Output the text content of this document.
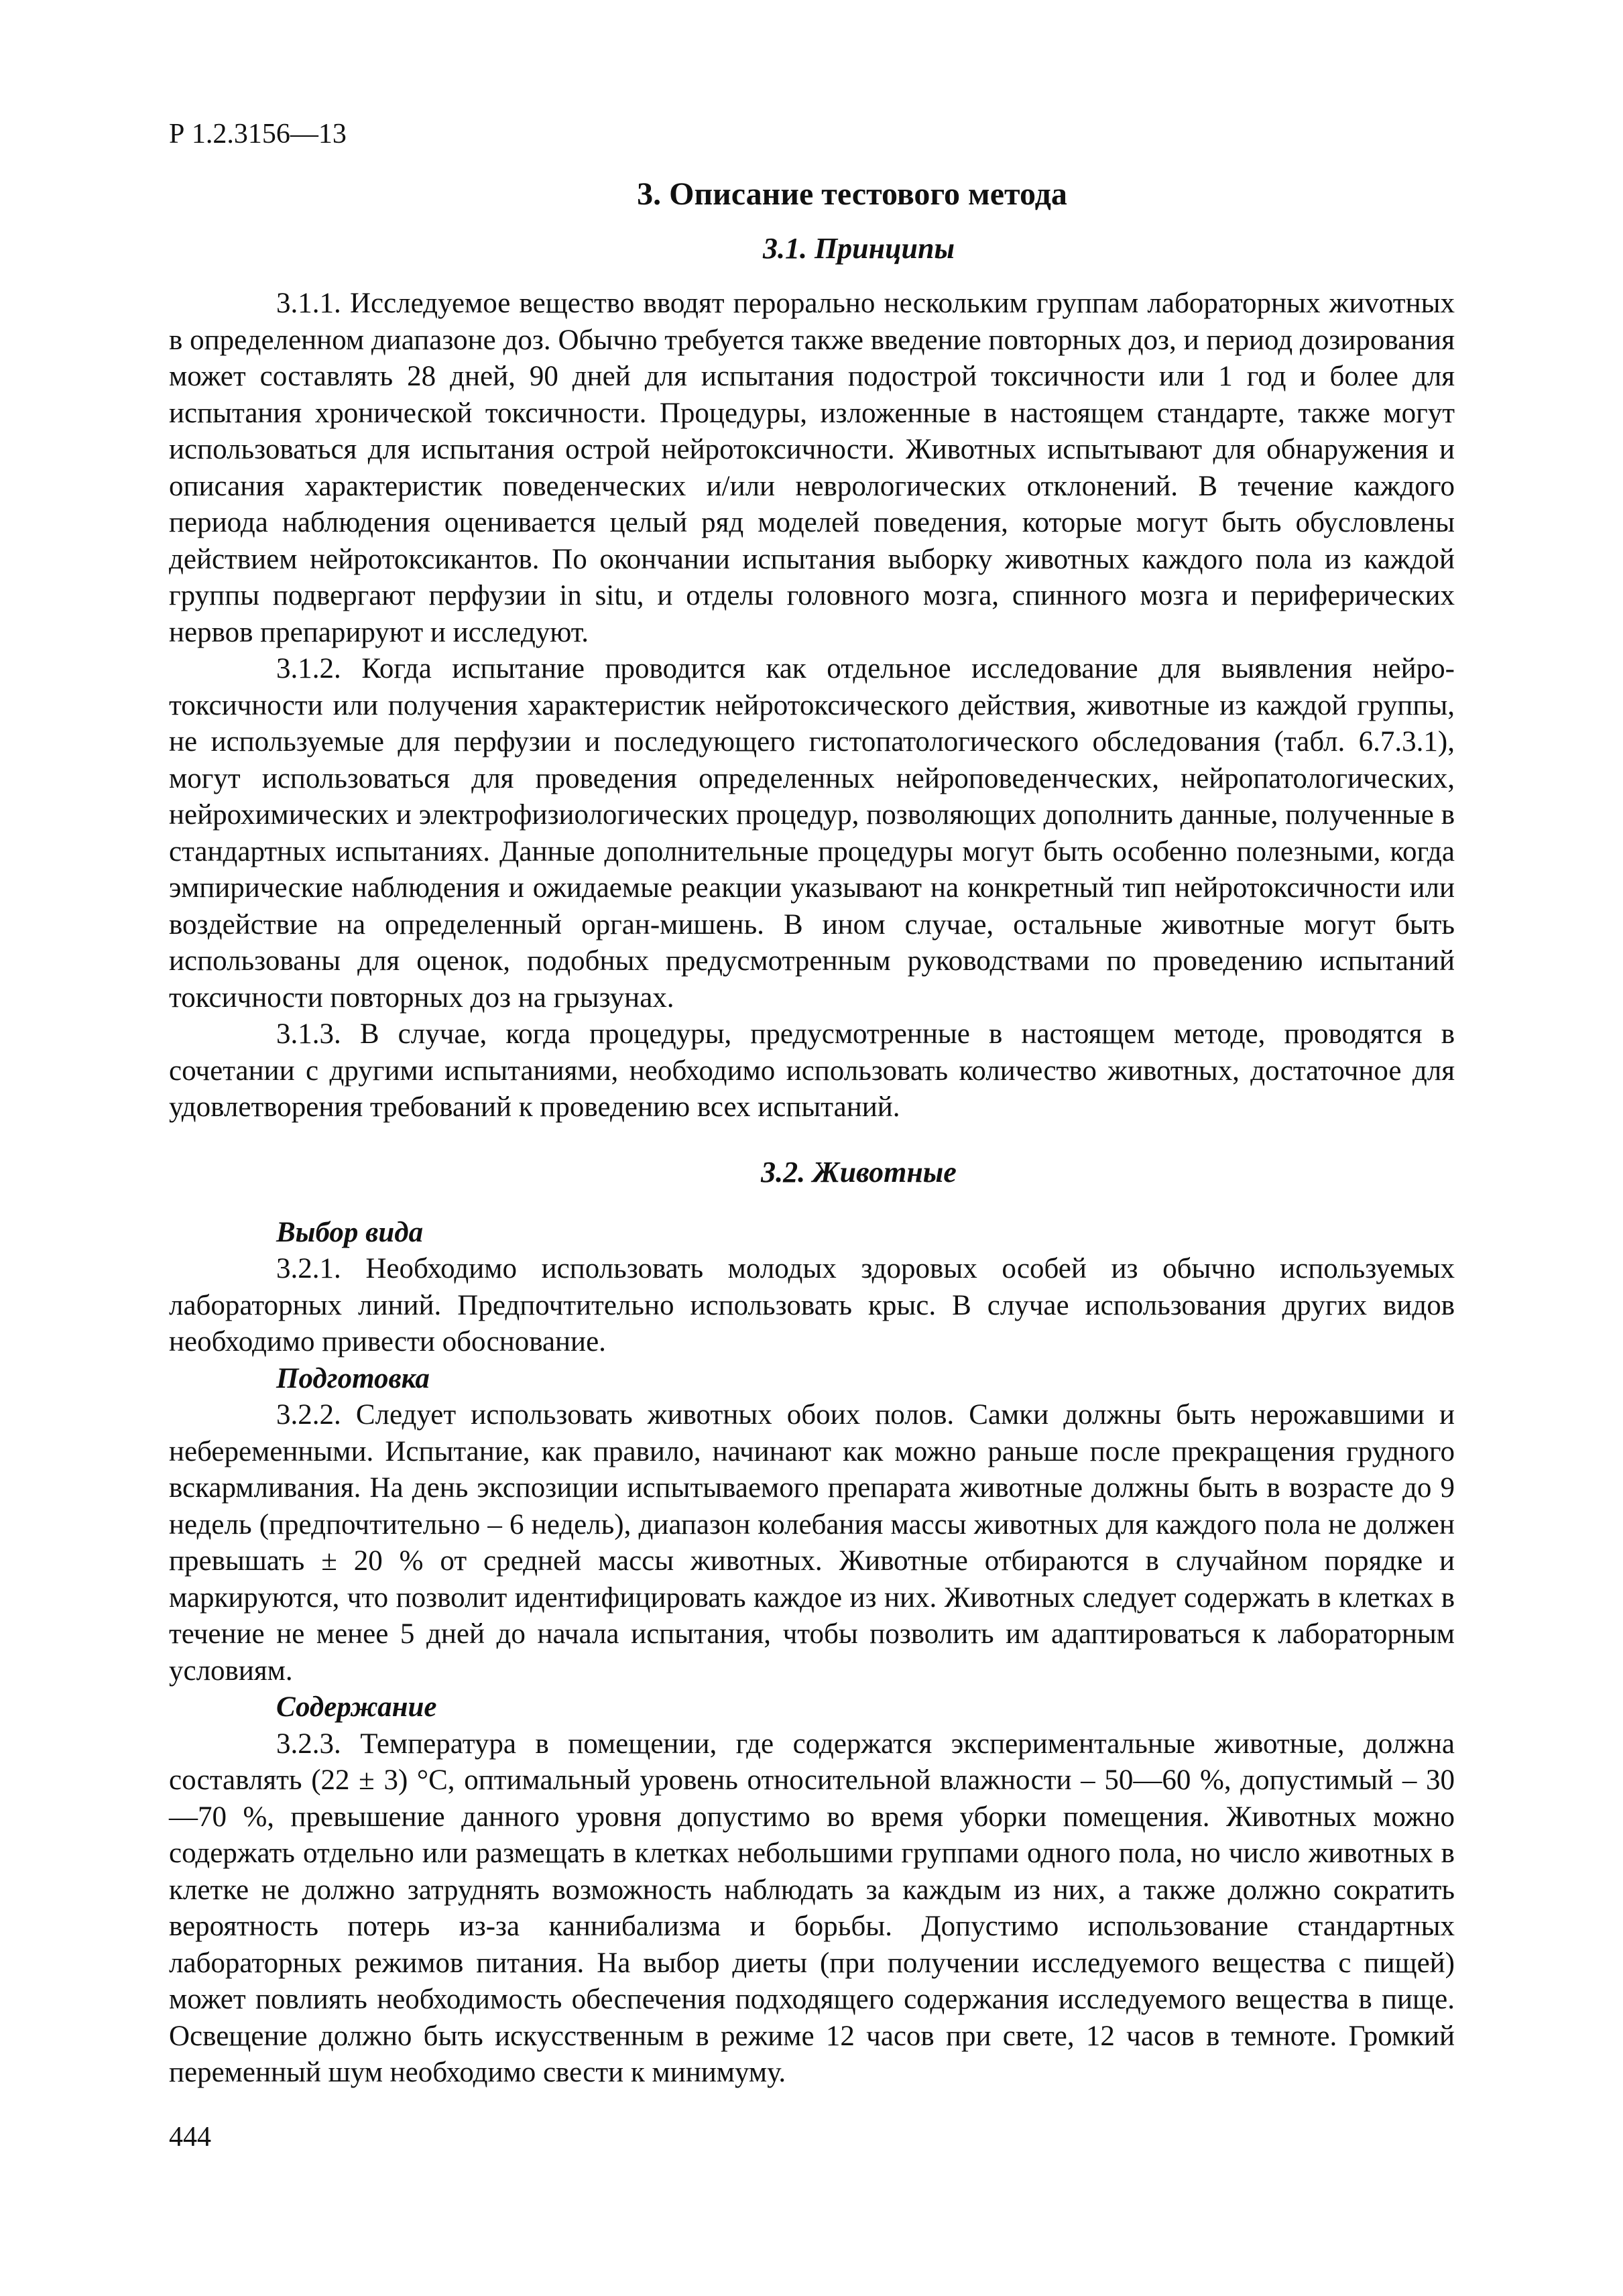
Р 1.2.3156—13

3. Описание тестового метода
3.1. Принципы

3.1.1. Исследуемое вещество вводят перорально нескольким группам лабораторных жиvотных в определенном диапазоне доз. Обычно требуется также введение повторных доз, и период дозирования может составлять 28 дней, 90 дней для испытания подострой токсичности или 1 год и более для испытания хронической токсичности. Процедуры, изложенные в настоящем стандарте, также могут использоваться для испытания острой нейротоксичности. Животных испытывают для обнаружения и описания характеристик поведенческих и/или неврологических отклонений. В течение каждого периода наблюдения оценивается целый ряд моделей поведения, которые могут быть обусловлены действием нейротоксикантов. По окончании испытания выборку животных каждого пола из каждой группы подвергают перфузии in situ, и отделы головного мозга, спинного мозга и периферических нервов препарируют и исследуют.

3.1.2. Когда испытание проводится как отдельное исследование для выявления нейротоксичности или получения характеристик нейротоксического действия, животные из каждой группы, не используемые для перфузии и последующего гистопатологического обследования (табл. 6.7.3.1), могут использоваться для проведения определенных нейроповеденческих, нейропатологических, нейрохимических и электрофизиологических процедур, позволяющих дополнить данные, полученные в стандартных испытаниях. Данные дополнительные процедуры могут быть особенно полезными, когда эмпирические наблюдения и ожидаемые реакции указывают на конкретный тип нейротоксичности или воздействие на определенный орган-мишень. В ином случае, остальные животные могут быть использованы для оценок, подобных предусмотренным руководствами по проведению испытаний токсичности повторных доз на грызунах.

3.1.3. В случае, когда процедуры, предусмотренные в настоящем методе, проводятся в сочетании с другими испытаниями, необходимо использовать количество животных, достаточное для удовлетворения требований к проведению всех испытаний.

3.2. Животные

Выбор вида

3.2.1. Необходимо использовать молодых здоровых особей из обычно используемых лабораторных линий. Предпочтительно использовать крыс. В случае использования других видов необходимо привести обоснование.

Подготовка

3.2.2. Следует использовать животных обоих полов. Самки должны быть нерожавшими и небеременными. Испытание, как правило, начинают как можно раньше после прекращения грудного вскармливания. На день экспозиции испытываемого препарата животные должны быть в возрасте до 9 недель (предпочтительно – 6 недель), диапазон колебания массы животных для каждого пола не должен превышать ± 20 % от средней массы животных. Животные отбираются в случайном порядке и маркируются, что позволит идентифицировать каждое из них. Животных следует содержать в клетках в течение не менее 5 дней до начала испытания, чтобы позволить им адаптироваться к лабораторным условиям.

Содержание

3.2.3. Температура в помещении, где содержатся экспериментальные животные, должна составлять (22 ± 3) °С, оптимальный уровень относительной влажности – 50—60 %, допустимый – 30—70 %, превышение данного уровня допустимо во время уборки помещения. Животных можно содержать отдельно или размещать в клетках небольшими группами одного пола, но число животных в клетке не должно затруднять возможность наблюдать за каждым из них, а также должно сократить вероятность потерь из-за каннибализма и борьбы. Допустимо использование стандартных лабораторных режимов питания. На выбор диеты (при получении исследуемого вещества с пищей) может повлиять необходимость обеспечения подходящего содержания исследуемого вещества в пище. Освещение должно быть искусственным в режиме 12 часов при свете, 12 часов в темноте. Громкий переменный шум необходимо свести к минимуму.

444
